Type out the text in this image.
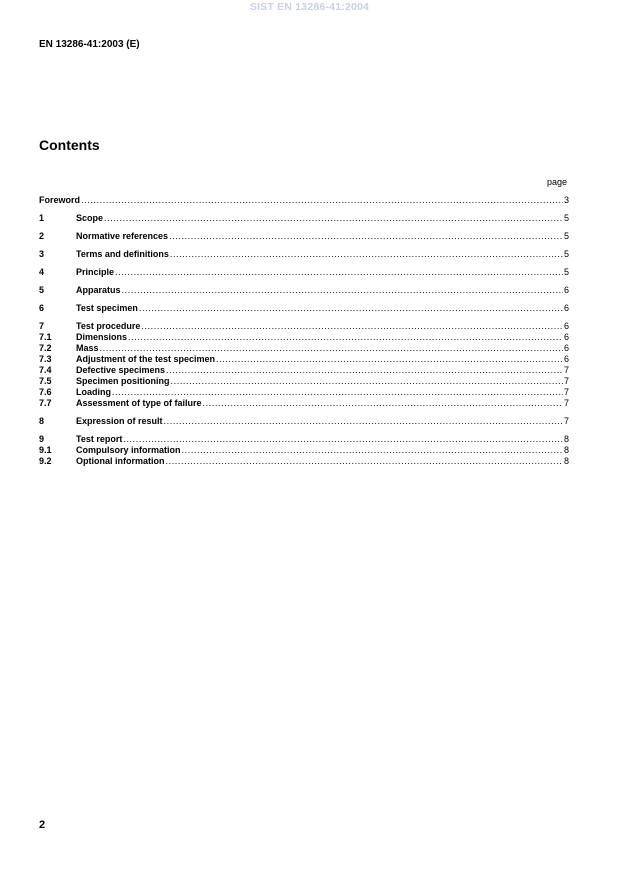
SIST EN 13286-41:2004
EN 13286-41:2003 (E)
Contents
page
Foreword .....	3
1	Scope .....	5
2	Normative references .....	5
3	Terms and definitions .....	5
4	Principle .....	5
5	Apparatus .....	6
6	Test specimen .....	6
7	Test procedure .....	6
7.1	Dimensions .....	6
7.2	Mass .....	6
7.3	Adjustment of the test specimen .....	6
7.4	Defective specimens .....	7
7.5	Specimen positioning .....	7
7.6	Loading .....	7
7.7	Assessment of type of failure .....	7
8	Expression of result .....	7
9	Test report .....	8
9.1	Compulsory information .....	8
9.2	Optional information .....	8
2
